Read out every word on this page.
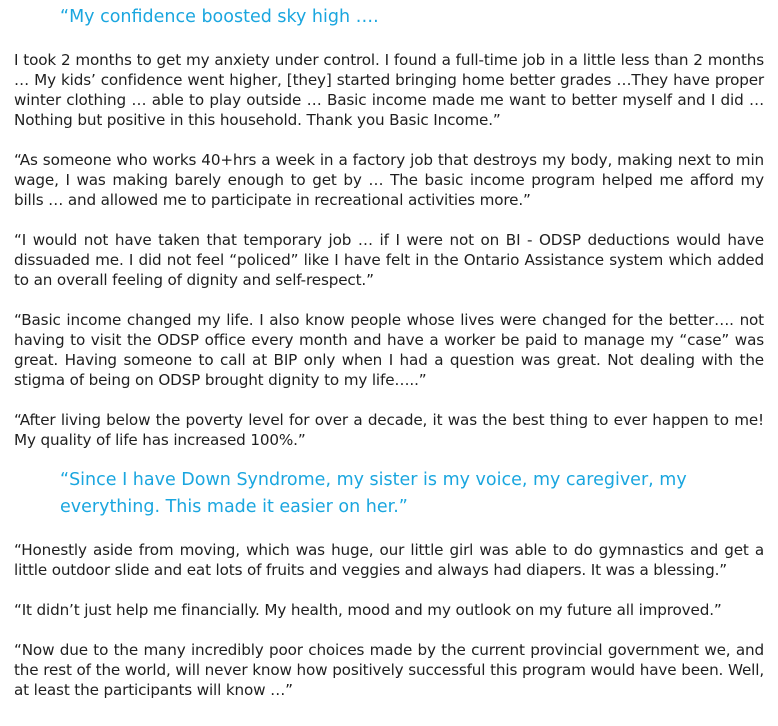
“My confidence boosted sky high ….

I took 2 months to get my anxiety under control. I found a full-time job in a little less than 2 months … My kids’ confidence went higher, [they] started bringing home better grades …They have proper winter clothing … able to play outside … Basic income made me want to better myself and I did … Nothing but positive in this household. Thank you Basic Income.”

“As someone who works 40+hrs a week in a factory job that destroys my body, making next to min wage, I was making barely enough to get by … The basic income program helped me afford my bills … and allowed me to participate in recreational activities more.”

“I would not have taken that temporary job … if I were not on BI - ODSP deductions would have dissuaded me. I did not feel “policed” like I have felt in the Ontario Assistance system which added to an overall feeling of dignity and self-respect.”

“Basic income changed my life. I also know people whose lives were changed for the better…. not having to visit the ODSP office every month and have a worker be paid to manage my “case” was great. Having someone to call at BIP only when I had a question was great. Not dealing with the stigma of being on ODSP brought dignity to my life…..”

“After living below the poverty level for over a decade, it was the best thing to ever happen to me! My quality of life has increased 100%.”

“Since I have Down Syndrome, my sister is my voice, my caregiver, my everything. This made it easier on her.”

“Honestly aside from moving, which was huge, our little girl was able to do gymnastics and get a little outdoor slide and eat lots of fruits and veggies and always had diapers. It was a blessing.”

“It didn’t just help me financially. My health, mood and my outlook on my future all improved.”

“Now due to the many incredibly poor choices made by the current provincial government we, and the rest of the world, will never know how positively successful this program would have been. Well, at least the participants will know …”
